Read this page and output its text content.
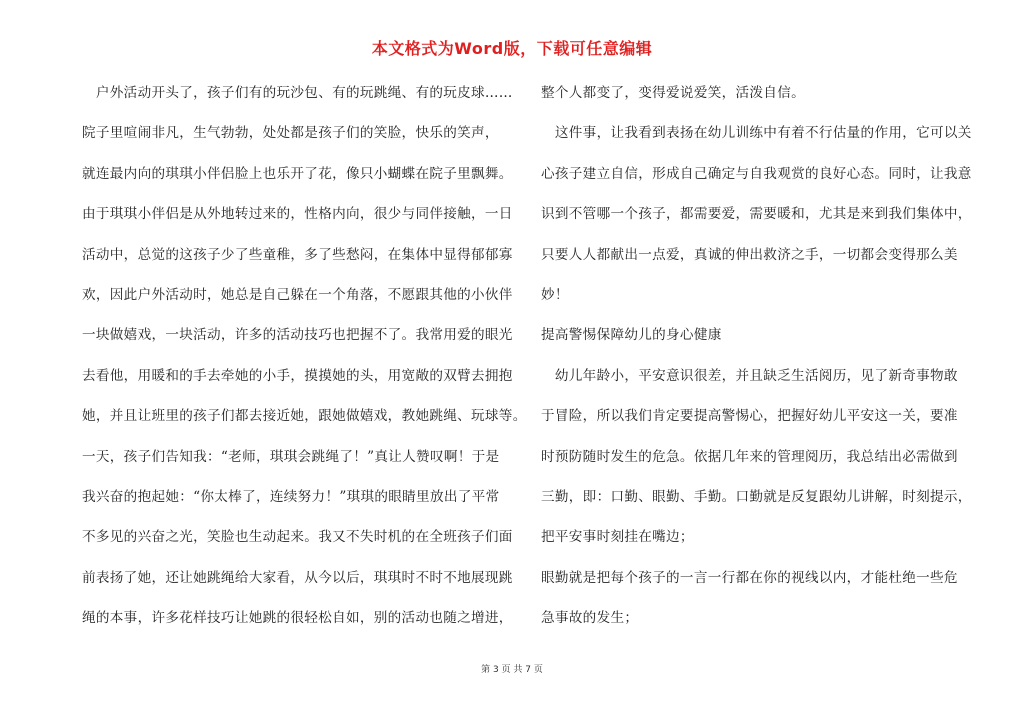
本文格式为Word版，下载可任意编辑
　户外活动开头了，孩子们有的玩沙包、有的玩跳绳、有的玩皮球……
院子里喧闹非凡，生气勃勃，处处都是孩子们的笑脸，快乐的笑声，
就连最内向的琪琪小伴侣脸上也乐开了花，像只小蝴蝶在院子里飘舞。
由于琪琪小伴侣是从外地转过来的，性格内向，很少与同伴接触，一日
活动中，总觉的这孩子少了些童稚，多了些愁闷，在集体中显得郁郁寡
欢，因此户外活动时，她总是自己躲在一个角落，不愿跟其他的小伙伴
一块做嬉戏，一块活动，许多的活动技巧也把握不了。我常用爱的眼光
去看他，用暖和的手去牵她的小手，摸摸她的头，用宽敞的双臂去拥抱
她，并且让班里的孩子们都去接近她，跟她做嬉戏，教她跳绳、玩球等。
一天，孩子们告知我：“老师，琪琪会跳绳了！”真让人赞叹啊！于是
我兴奋的抱起她：“你太棒了，连续努力！”琪琪的眼睛里放出了平常
不多见的兴奋之光，笑脸也生动起来。我又不失时机的在全班孩子们面
前表扬了她，还让她跳绳给大家看，从今以后，琪琪时不时不地展现跳
绳的本事，许多花样技巧让她跳的很轻松自如，别的活动也随之增进，
整个人都变了，变得爱说爱笑，活泼自信。
　这件事，让我看到表扬在幼儿训练中有着不行估量的作用，它可以关
心孩子建立自信，形成自己确定与自我观赏的良好心态。同时，让我意
识到不管哪一个孩子，都需要爱，需要暖和，尤其是来到我们集体中，
只要人人都献出一点爱，真诚的伸出救济之手，一切都会变得那么美
妙！
提高警惕保障幼儿的身心健康
　幼儿年龄小，平安意识很差，并且缺乏生活阅历，见了新奇事物敢
于冒险，所以我们肯定要提高警惕心，把握好幼儿平安这一关，要准
时预防随时发生的危急。依据几年来的管理阅历，我总结出必需做到
三勤，即：口勤、眼勤、手勤。口勤就是反复跟幼儿讲解，时刻提示，
把平安事时刻挂在嘴边；
眼勤就是把每个孩子的一言一行都在你的视线以内，才能杜绝一些危
急事故的发生；
第 3 页 共 7 页
